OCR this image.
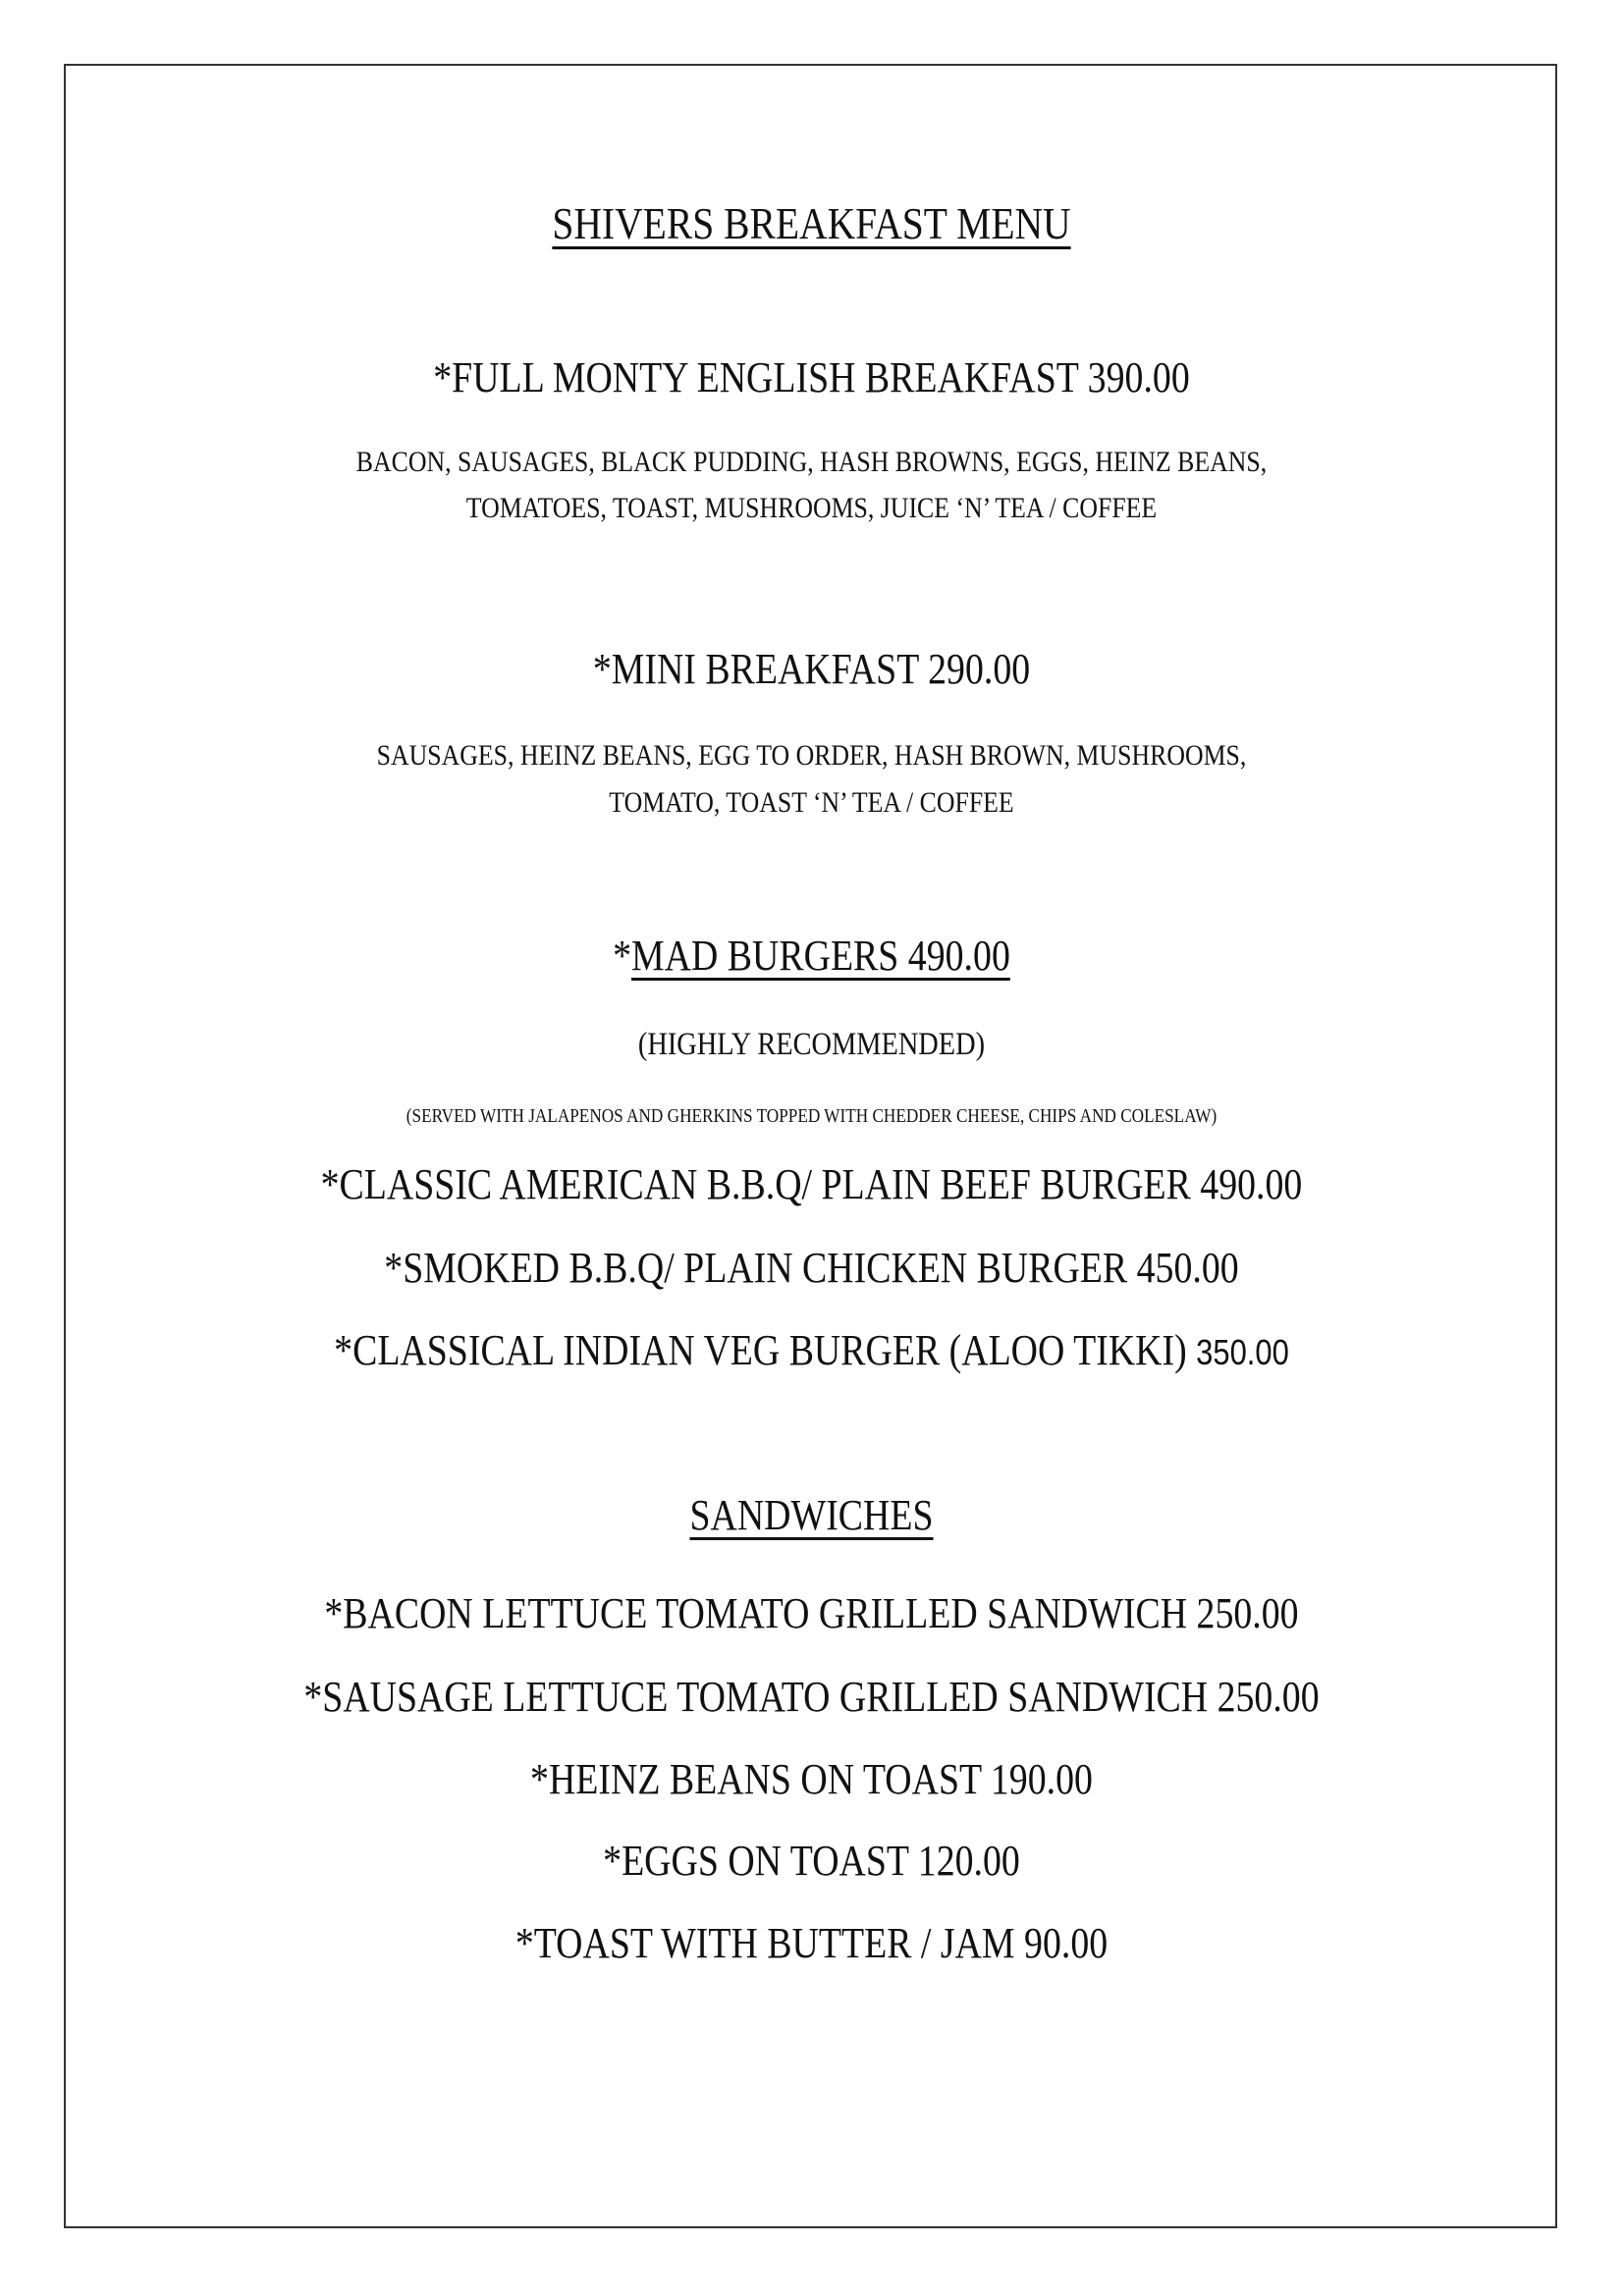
SHIVERS BREAKFAST MENU
*FULL MONTY ENGLISH BREAKFAST 390.00
BACON, SAUSAGES, BLACK PUDDING, HASH BROWNS, EGGS, HEINZ BEANS,
TOMATOES, TOAST, MUSHROOMS, JUICE ‘N’ TEA / COFFEE
*MINI BREAKFAST 290.00
SAUSAGES, HEINZ BEANS, EGG TO ORDER, HASH BROWN, MUSHROOMS,
TOMATO, TOAST ‘N’ TEA / COFFEE
*MAD BURGERS 490.00
(HIGHLY RECOMMENDED)
(SERVED WITH JALAPENOS AND GHERKINS TOPPED WITH CHEDDER CHEESE, CHIPS AND COLESLAW)
*CLASSIC AMERICAN B.B.Q/ PLAIN BEEF BURGER 490.00
*SMOKED B.B.Q/ PLAIN CHICKEN BURGER 450.00
*CLASSICAL INDIAN VEG BURGER (ALOO TIKKI) 350.00
SANDWICHES
*BACON LETTUCE TOMATO GRILLED SANDWICH 250.00
*SAUSAGE LETTUCE TOMATO GRILLED SANDWICH 250.00
*HEINZ BEANS ON TOAST 190.00
*EGGS ON TOAST 120.00
*TOAST WITH BUTTER / JAM 90.00
